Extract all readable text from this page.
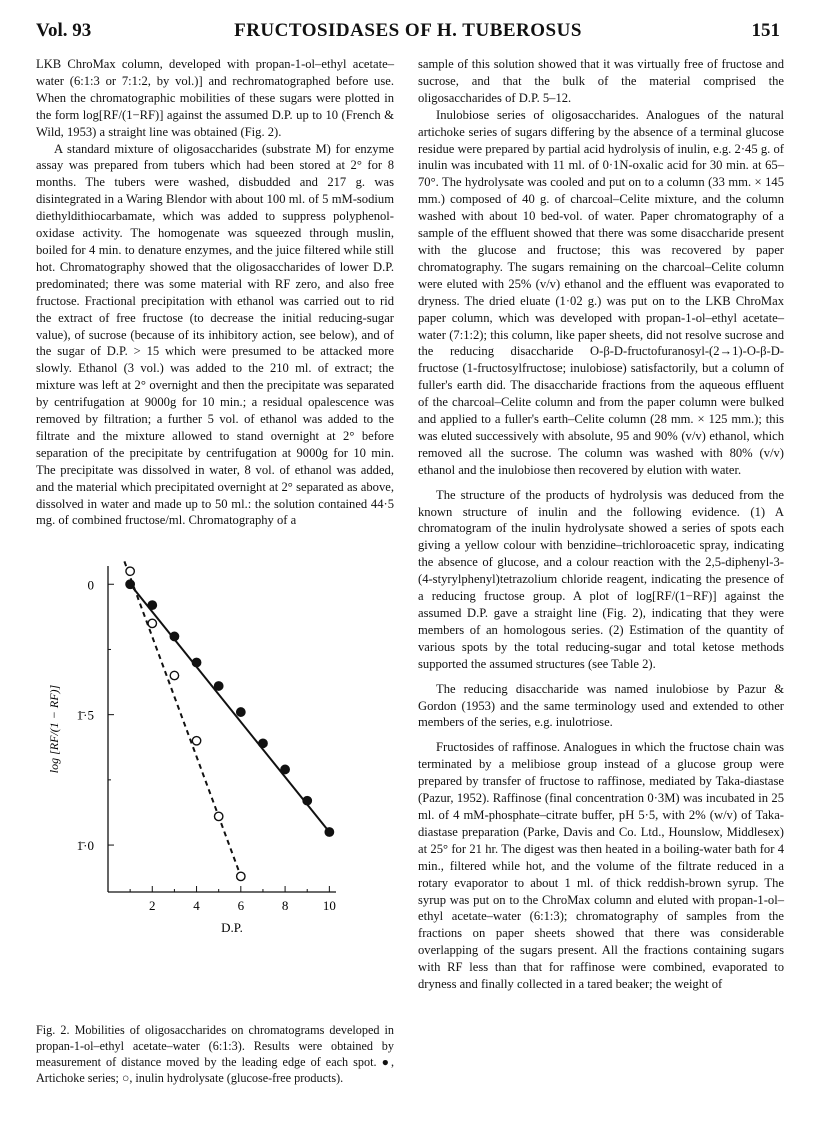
Vol. 93	FRUCTOSIDASES OF H. TUBEROSUS	151

LKB ChroMax column, developed with propan-1-ol–ethyl acetate–water (6:1:3 or 7:1:2, by vol.)] and rechromatographed before use. When the chromatographic mobilities of these sugars were plotted in the form log[RF/(1−RF)] against the assumed D.P. up to 10 (French & Wild, 1953) a straight line was obtained (Fig. 2).

A standard mixture of oligosaccharides (substrate M) for enzyme assay was prepared from tubers which had been stored at 2° for 8 months. The tubers were washed, disbudded and 217 g. was disintegrated in a Waring Blendor with about 100 ml. of 5 mM-sodium diethyldithiocarbamate, which was added to suppress polyphenol-oxidase activity. The homogenate was squeezed through muslin, boiled for 4 min. to denature enzymes, and the juice filtered while still hot. Chromatography showed that the oligosaccharides of lower D.P. predominated; there was some material with RF zero, and also free fructose. Fractional precipitation with ethanol was carried out to rid the extract of free fructose (to decrease the initial reducing-sugar value), of sucrose (because of its inhibitory action, see below), and of the sugar of D.P. > 15 which were presumed to be attacked more slowly. Ethanol (3 vol.) was added to the 210 ml. of extract; the mixture was left at 2° overnight and then the precipitate was separated by centrifugation at 9000g for 10 min.; a residual opalescence was removed by filtration; a further 5 vol. of ethanol was added to the filtrate and the mixture allowed to stand overnight at 2° before separation of the precipitate by centrifugation at 9000g for 10 min. The precipitate was dissolved in water, 8 vol. of ethanol was added, and the material which precipitated overnight at 2° separated as above, dissolved in water and made up to 50 ml.: the solution contained 44·5 mg. of combined fructose/ml. Chromatography of a

2	4	6	8	10
0
1̄·5
1̄·0
D.P.
log [RF/(1 − RF)]
Fig. 2. Mobilities of oligosaccharides on chromatograms developed in propan-1-ol–ethyl acetate–water (6:1:3). Results were obtained by measurement of distance moved by the leading edge of each spot. ●, Artichoke series; ○, inulin hydrolysate (glucose-free products).

sample of this solution showed that it was virtually free of fructose and sucrose, and that the bulk of the material comprised the oligosaccharides of D.P. 5–12.

Inulobiose series of oligosaccharides. Analogues of the natural artichoke series of sugars differing by the absence of a terminal glucose residue were prepared by partial acid hydrolysis of inulin, e.g. 2·45 g. of inulin was incubated with 11 ml. of 0·1N-oxalic acid for 30 min. at 65–70°. The hydrolysate was cooled and put on to a column (33 mm. × 145 mm.) composed of 40 g. of charcoal–Celite mixture, and the column washed with about 10 bed-vol. of water. Paper chromatography of a sample of the effluent showed that there was some disaccharide present with the glucose and fructose; this was recovered by paper chromatography. The sugars remaining on the charcoal–Celite column were eluted with 25% (v/v) ethanol and the effluent was evaporated to dryness. The dried eluate (1·02 g.) was put on to the LKB ChroMax paper column, which was developed with propan-1-ol–ethyl acetate–water (7:1:2); this column, like paper sheets, did not resolve sucrose and the reducing disaccharide O-β-D-fructofuranosyl-(2→1)-O-β-D-fructose (1-fructosylfructose; inulobiose) satisfactorily, but a column of fuller's earth did. The disaccharide fractions from the aqueous effluent of the charcoal–Celite column and from the paper column were bulked and applied to a fuller's earth–Celite column (28 mm. × 125 mm.); this was eluted successively with absolute, 95 and 90% (v/v) ethanol, which removed all the sucrose. The column was washed with 80% (v/v) ethanol and the inulobiose then recovered by elution with water.

The structure of the products of hydrolysis was deduced from the known structure of inulin and the following evidence. (1) A chromatogram of the inulin hydrolysate showed a series of spots each giving a yellow colour with benzidine–trichloroacetic spray, indicating the absence of glucose, and a colour reaction with the 2,5-diphenyl-3-(4-styrylphenyl)tetrazolium chloride reagent, indicating the presence of a reducing fructose group. A plot of log[RF/(1−RF)] against the assumed D.P. gave a straight line (Fig. 2), indicating that they were members of an homologous series. (2) Estimation of the quantity of various spots by the total reducing-sugar and total ketose methods supported the assumed structures (see Table 2).

The reducing disaccharide was named inulobiose by Pazur & Gordon (1953) and the same terminology used and extended to other members of the series, e.g. inulotriose.

Fructosides of raffinose. Analogues in which the fructose chain was terminated by a melibiose group instead of a glucose group were prepared by transfer of fructose to raffinose, mediated by Taka-diastase (Pazur, 1952). Raffinose (final concentration 0·3M) was incubated in 25 ml. of 4 mM-phosphate–citrate buffer, pH 5·5, with 2% (w/v) of Taka-diastase preparation (Parke, Davis and Co. Ltd., Hounslow, Middlesex) at 25° for 21 hr. The digest was then heated in a boiling-water bath for 4 min., filtered while hot, and the volume of the filtrate reduced in a rotary evaporator to about 1 ml. of thick reddish-brown syrup. The syrup was put on to the ChroMax column and eluted with propan-1-ol–ethyl acetate–water (6:1:3); chromatography of samples from the fractions on paper sheets showed that there was considerable overlapping of the sugars present. All the fractions containing sugars with RF less than that for raffinose were combined, evaporated to dryness and finally collected in a tared beaker; the weight of
